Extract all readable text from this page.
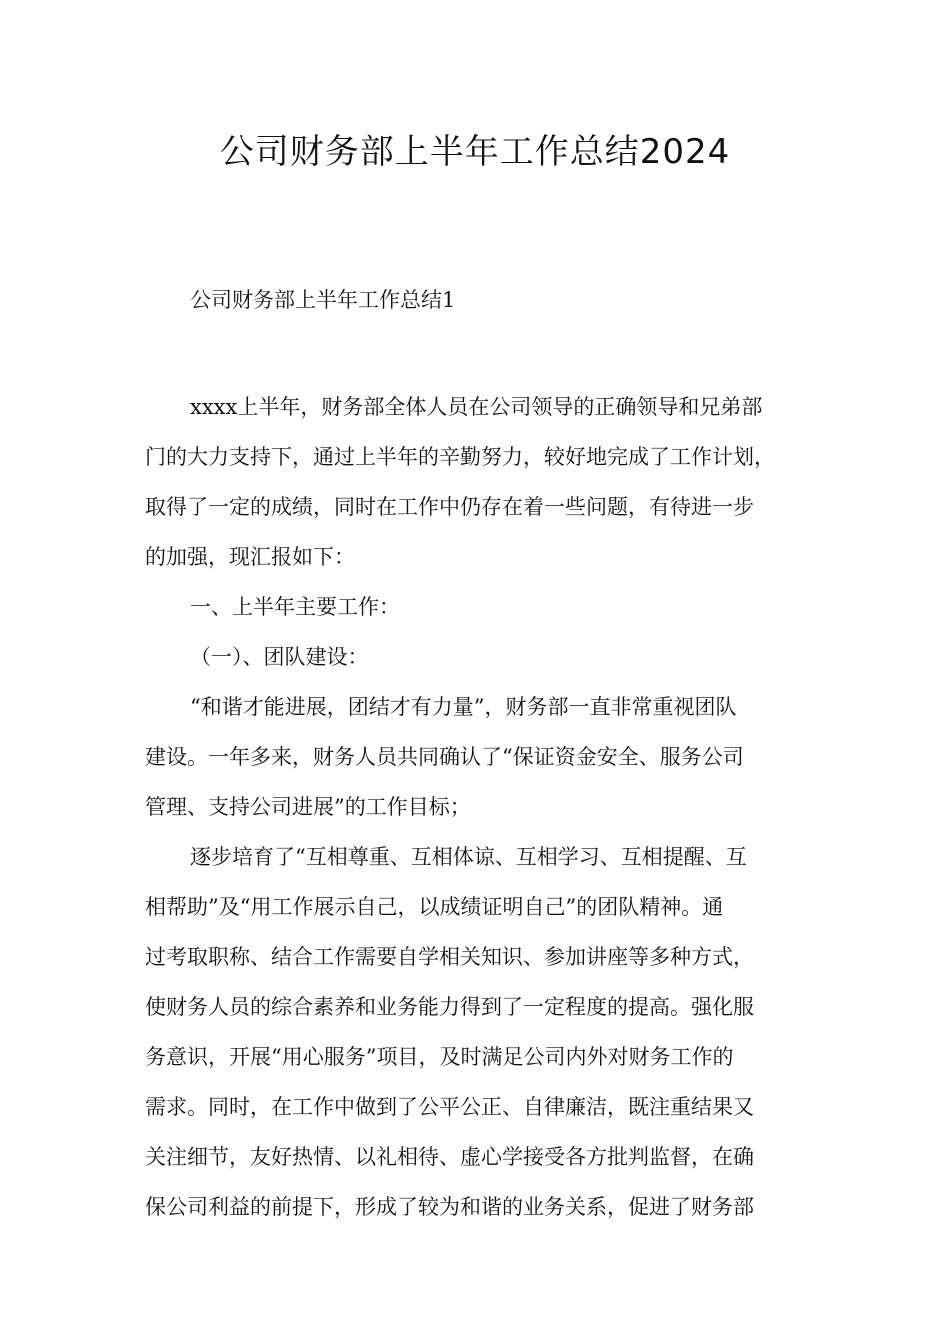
公司财务部上半年工作总结2024

公司财务部上半年工作总结1

xxxx上半年，财务部全体人员在公司领导的正确领导和兄弟部
门的大力支持下，通过上半年的辛勤努力，较好地完成了工作计划，
取得了一定的成绩，同时在工作中仍存在着一些问题，有待进一步
的加强，现汇报如下：
一、上半年主要工作：
（一）、团队建设：
“和谐才能进展，团结才有力量”，财务部一直非常重视团队
建设。一年多来，财务人员共同确认了“保证资金安全、服务公司
管理、支持公司进展”的工作目标；
逐步培育了“互相尊重、互相体谅、互相学习、互相提醒、互
相帮助”及“用工作展示自己，以成绩证明自己”的团队精神。通
过考取职称、结合工作需要自学相关知识、参加讲座等多种方式，
使财务人员的综合素养和业务能力得到了一定程度的提高。强化服
务意识，开展“用心服务”项目，及时满足公司内外对财务工作的
需求。同时，在工作中做到了公平公正、自律廉洁，既注重结果又
关注细节，友好热情、以礼相待、虚心学接受各方批判监督，在确
保公司利益的前提下，形成了较为和谐的业务关系，促进了财务部
